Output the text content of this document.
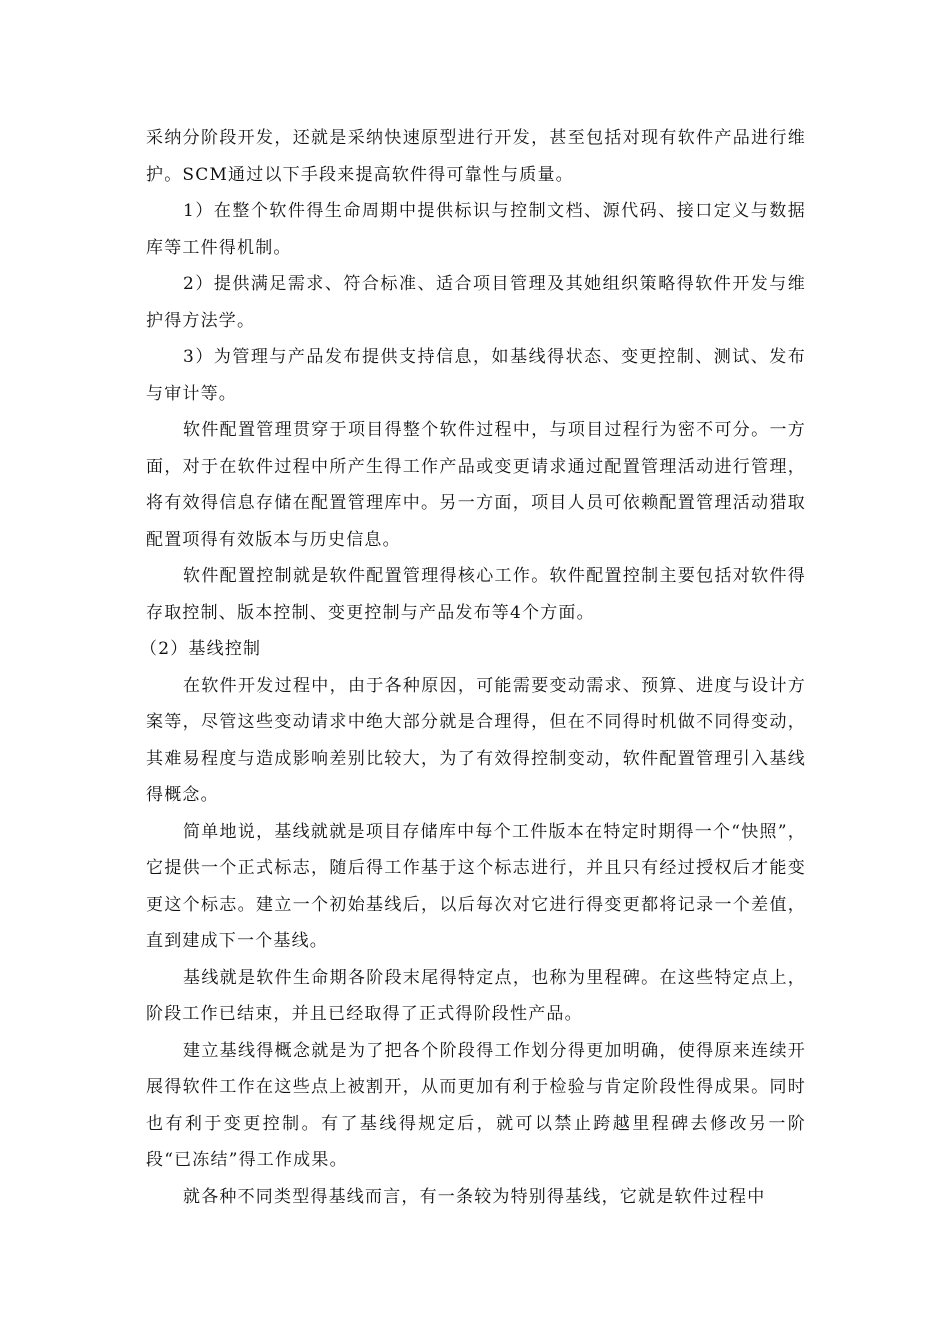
采纳分阶段开发，还就是采纳快速原型进行开发，甚至包括对现有软件产品进行维护。SCM通过以下手段来提高软件得可靠性与质量。

1）在整个软件得生命周期中提供标识与控制文档、源代码、接口定义与数据库等工件得机制。

2）提供满足需求、符合标准、适合项目管理及其她组织策略得软件开发与维护得方法学。

3）为管理与产品发布提供支持信息，如基线得状态、变更控制、测试、发布与审计等。

软件配置管理贯穿于项目得整个软件过程中，与项目过程行为密不可分。一方面，对于在软件过程中所产生得工作产品或变更请求通过配置管理活动进行管理，将有效得信息存储在配置管理库中。另一方面，项目人员可依赖配置管理活动猎取配置项得有效版本与历史信息。

软件配置控制就是软件配置管理得核心工作。软件配置控制主要包括对软件得存取控制、版本控制、变更控制与产品发布等4个方面。

（2）基线控制

在软件开发过程中，由于各种原因，可能需要变动需求、预算、进度与设计方案等，尽管这些变动请求中绝大部分就是合理得，但在不同得时机做不同得变动，其难易程度与造成影响差别比较大，为了有效得控制变动，软件配置管理引入基线得概念。

简单地说，基线就就是项目存储库中每个工件版本在特定时期得一个“快照”，它提供一个正式标志，随后得工作基于这个标志进行，并且只有经过授权后才能变更这个标志。建立一个初始基线后，以后每次对它进行得变更都将记录一个差值，直到建成下一个基线。

基线就是软件生命期各阶段末尾得特定点，也称为里程碑。在这些特定点上，阶段工作已结束，并且已经取得了正式得阶段性产品。

建立基线得概念就是为了把各个阶段得工作划分得更加明确，使得原来连续开展得软件工作在这些点上被割开，从而更加有利于检验与肯定阶段性得成果。同时也有利于变更控制。有了基线得规定后，就可以禁止跨越里程碑去修改另一阶段“已冻结”得工作成果。

就各种不同类型得基线而言，有一条较为特别得基线，它就是软件过程中
